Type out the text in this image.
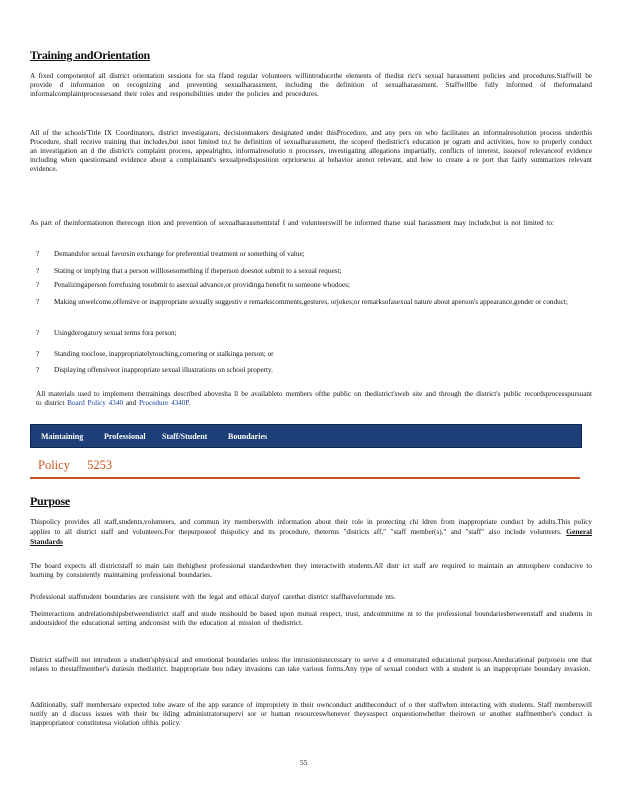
Training andOrientation

A fixed componentof all district orientation sessions for sta ffand regular volunteers willintroducethe elements of thedist rict's sexual harassment policies and procedures.Staffwill be provide d information on recognizing and preventing sexualharassment, including the definition of sexualharassment. Staffwillbe fully informed of theformaland informalcomplaintprocessesand their roles and responsibilities under the policies and procedures.

All of the schools'Title IX Coordinators, district investigators, decisionmakers designated under thisProcedure, and any pers on who facilitates an informalresolution process underthis Procedure, shall receive training that includes,but isnot limited to,t he definition of sexualharassment, the scopeof thedistrict's education pr ogram and activities, how to properly conduct an investigation an d the district's complaint process, appealrights, informalresolutio n processes, investigating allegations impartially, conflicts of interest, issuesof relevanceof evidence including when questionsand evidence about a complainant's sexualpredisposition orpriorsexu al behavior arenot relevant, and how to create a re port that fairly summarizes relevant evidence.

As part of theinformationon therecogn ition and prevention of sexualharassmentstaf f and volunteerswill be informed thatse xual harassment may include,but is not limited to:

? Demandsfor sexual favorsin exchange for preferential treatment or something of value;
? Stating or implying that a person willlosesomething if theperson doesnot submit to a sexual request;
? Penalizingaperson forrefusing tosubmit to asexual advance,or providinga benefit to someone whodoes;
? Making unwelcome,offensive or inappropriate sexually suggestiv e remarkscomments,gestures, orjokes;or remarksofasexual nature about aperson's appearance,gender or conduct;
? Usingderogatory sexual terms fora person;
? Standing tooclose, inappropriatelytouching,cornering or stalkinga person; or
? Displaying offensiveor inappropriate sexual illustrations on school property.

All materials used to implement thetrainings described abovesha ll be availableto members ofthe public on thedistrict'sweb site and through the district's public recordsprocesspursuant to district Board Policy 4340 and Procedure 4340P.

Maintaining	Professional Staff/Student	Boundaries
Policy 5253
Purpose

Thispolicy provides all staff,students,volunteers, and commun ity memberswith information about their role in protecting chi ldren from inappropriate conduct by adults.This policy applies to all district staff and volunteers.For thepurposeof thispolicy and its procedure, theterms "districts aff," "staff member(s)," and "staff" also include volunteers. General Standards

The board expects all districtstaff to main tain thehighest professional standardswhen they interactwith students.All distr ict staff are required to maintain an atmosphere conducive to learning by consistently maintaining professional boundaries.

Professional staffstudent boundaries are consistent with the legal and ethical dutyof carethat district staffhavefortstude nts.

Theinteractions andrelationshipsbetweendistrict staff and stude ntsshould be based upon mutual respect, trust, andcommitme nt to the professional boundariesbetweenstaff and students in andoutsideof the educational setting andconsist with the education al mission of thedistrict.

District staffwill not intrudeon a student'sphysical and emotional boundaries unless the intrusionisnecessary to serve a d emonstrated educational purpose.Aneducational purposeis one that relates to thestaffmember's dutiesin thedistrict. Inappropriate bou ndary invasions can take various forms.Any type of sexual conduct with a student is an inappropriate boundary invasion.

Additionally, staff membersare expected tobe aware of the app earance of impropriety in their ownconduct andtheconduct of o ther staffwhen interacting with students. Staff memberswill notify an d discuss issues with their bu ilding administratorsupervi sor or human resourceswhenever theysuspect orquestionwhether theirown or another staffmember's conduct is inappropriateor constitutesa violation ofthis policy.

55
